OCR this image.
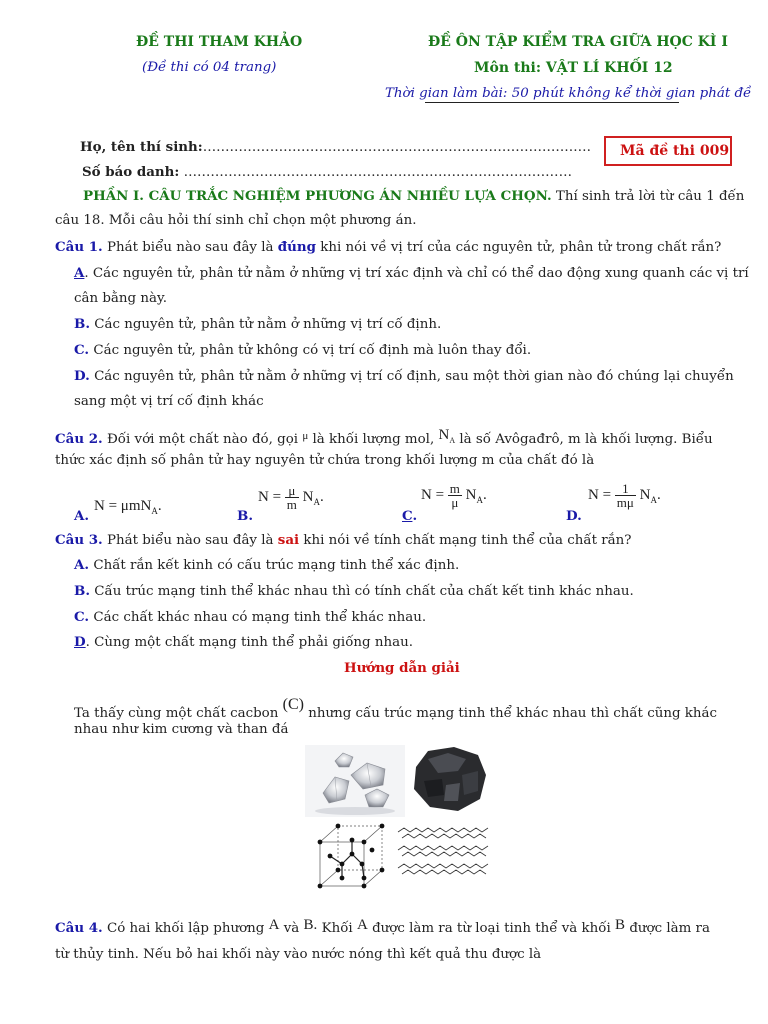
ĐỀ THI THAM KHẢO
(Đề thi có 04 trang)
ĐỀ ÔN TẬP KIỂM TRA GIỮA HỌC KÌ I
Môn thi: VẬT LÍ KHỐI 12
Thời gian làm bài: 50 phút không kể thời gian phát đề
Họ, tên thí sinh:……………………………………………………………………………
Số báo danh: ……………………………………………………………………………
Mã đề thi 009
PHẦN I. CÂU TRẮC NGHIỆM PHƯƠNG ÁN NHIỀU LỰA CHỌN. Thí sinh trả lời từ câu 1 đến
câu 18. Mỗi câu hỏi thí sinh chỉ chọn một phương án.
Câu 1. Phát biểu nào sau đây là đúng khi nói về vị trí của các nguyên tử, phân tử trong chất rắn?
A. Các nguyên tử, phân tử nằm ở những vị trí xác định và chỉ có thể dao động xung quanh các vị trí
cân bằng này.
B. Các nguyên tử, phân tử nằm ở những vị trí cố định.
C. Các nguyên tử, phân tử không có vị trí cố định mà luôn thay đổi.
D. Các nguyên tử, phân tử nằm ở những vị trí cố định, sau một thời gian nào đó chúng lại chuyển
sang một vị trí cố định khác
Câu 2. Đối với một chất nào đó, gọi $^\mu$ là khối lượng mol, $N_A$ là số Avôgađrô, m là khối lượng. Biểu
thức xác định số phân tử hay nguyên tử chứa trong khối lượng m của chất đó là
A.
N = μmN$_A$.
B.
$N = \frac{\mu}{m} N_A$.
C.
$N = \frac{m}{\mu} N_A$.
D.
$N = \frac{1}{m\mu} N_A$.
Câu 3. Phát biểu nào sau đây là sai khi nói về tính chất mạng tinh thể của chất rắn?
A. Chất rắn kết kinh có cấu trúc mạng tinh thể xác định.
B. Cấu trúc mạng tinh thể khác nhau thì có tính chất của chất kết tinh khác nhau.
C. Các chất khác nhau có mạng tinh thể khác nhau.
D. Cùng một chất mạng tinh thể phải giống nhau.
Hướng dẫn giải
Ta thấy cùng một chất cacbon (C) nhưng cấu trúc mạng tinh thể khác nhau thì chất cũng khác
nhau như kim cương và than đá
Câu 4. Có hai khối lập phương A và B. Khối A được làm ra từ loại tinh thể và khối B được làm ra
từ thủy tinh. Nếu bỏ hai khối này vào nước nóng thì kết quả thu được là
